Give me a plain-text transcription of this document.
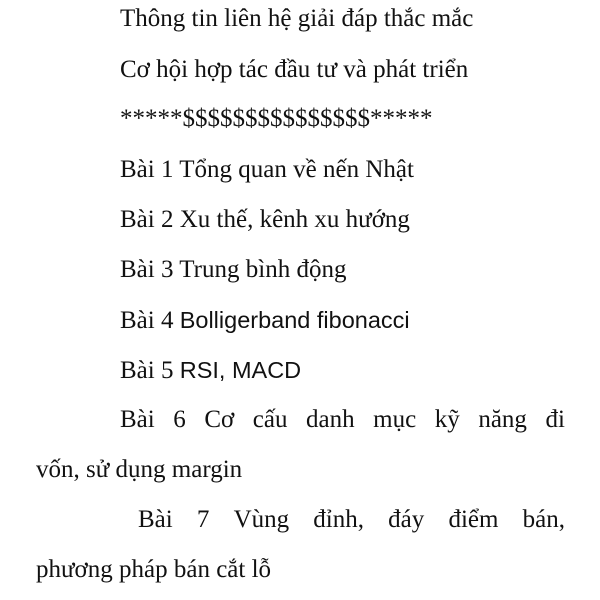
Thông tin liên hệ giải đáp thắc mắc
Cơ hội hợp tác đầu tư và phát triển
*****$$$$$$$$$$$$$$$*****
Bài 1 Tổng quan về nến Nhật
Bài 2 Xu thế, kênh xu hướng
Bài 3 Trung bình động
Bài 4 Bolligerband fibonacci
Bài 5 RSI, MACD
Bài 6 Cơ cấu danh mục kỹ năng đi
vốn, sử dụng margin
Bài 7 Vùng đỉnh, đáy điểm bán,
phương pháp bán cắt lỗ
